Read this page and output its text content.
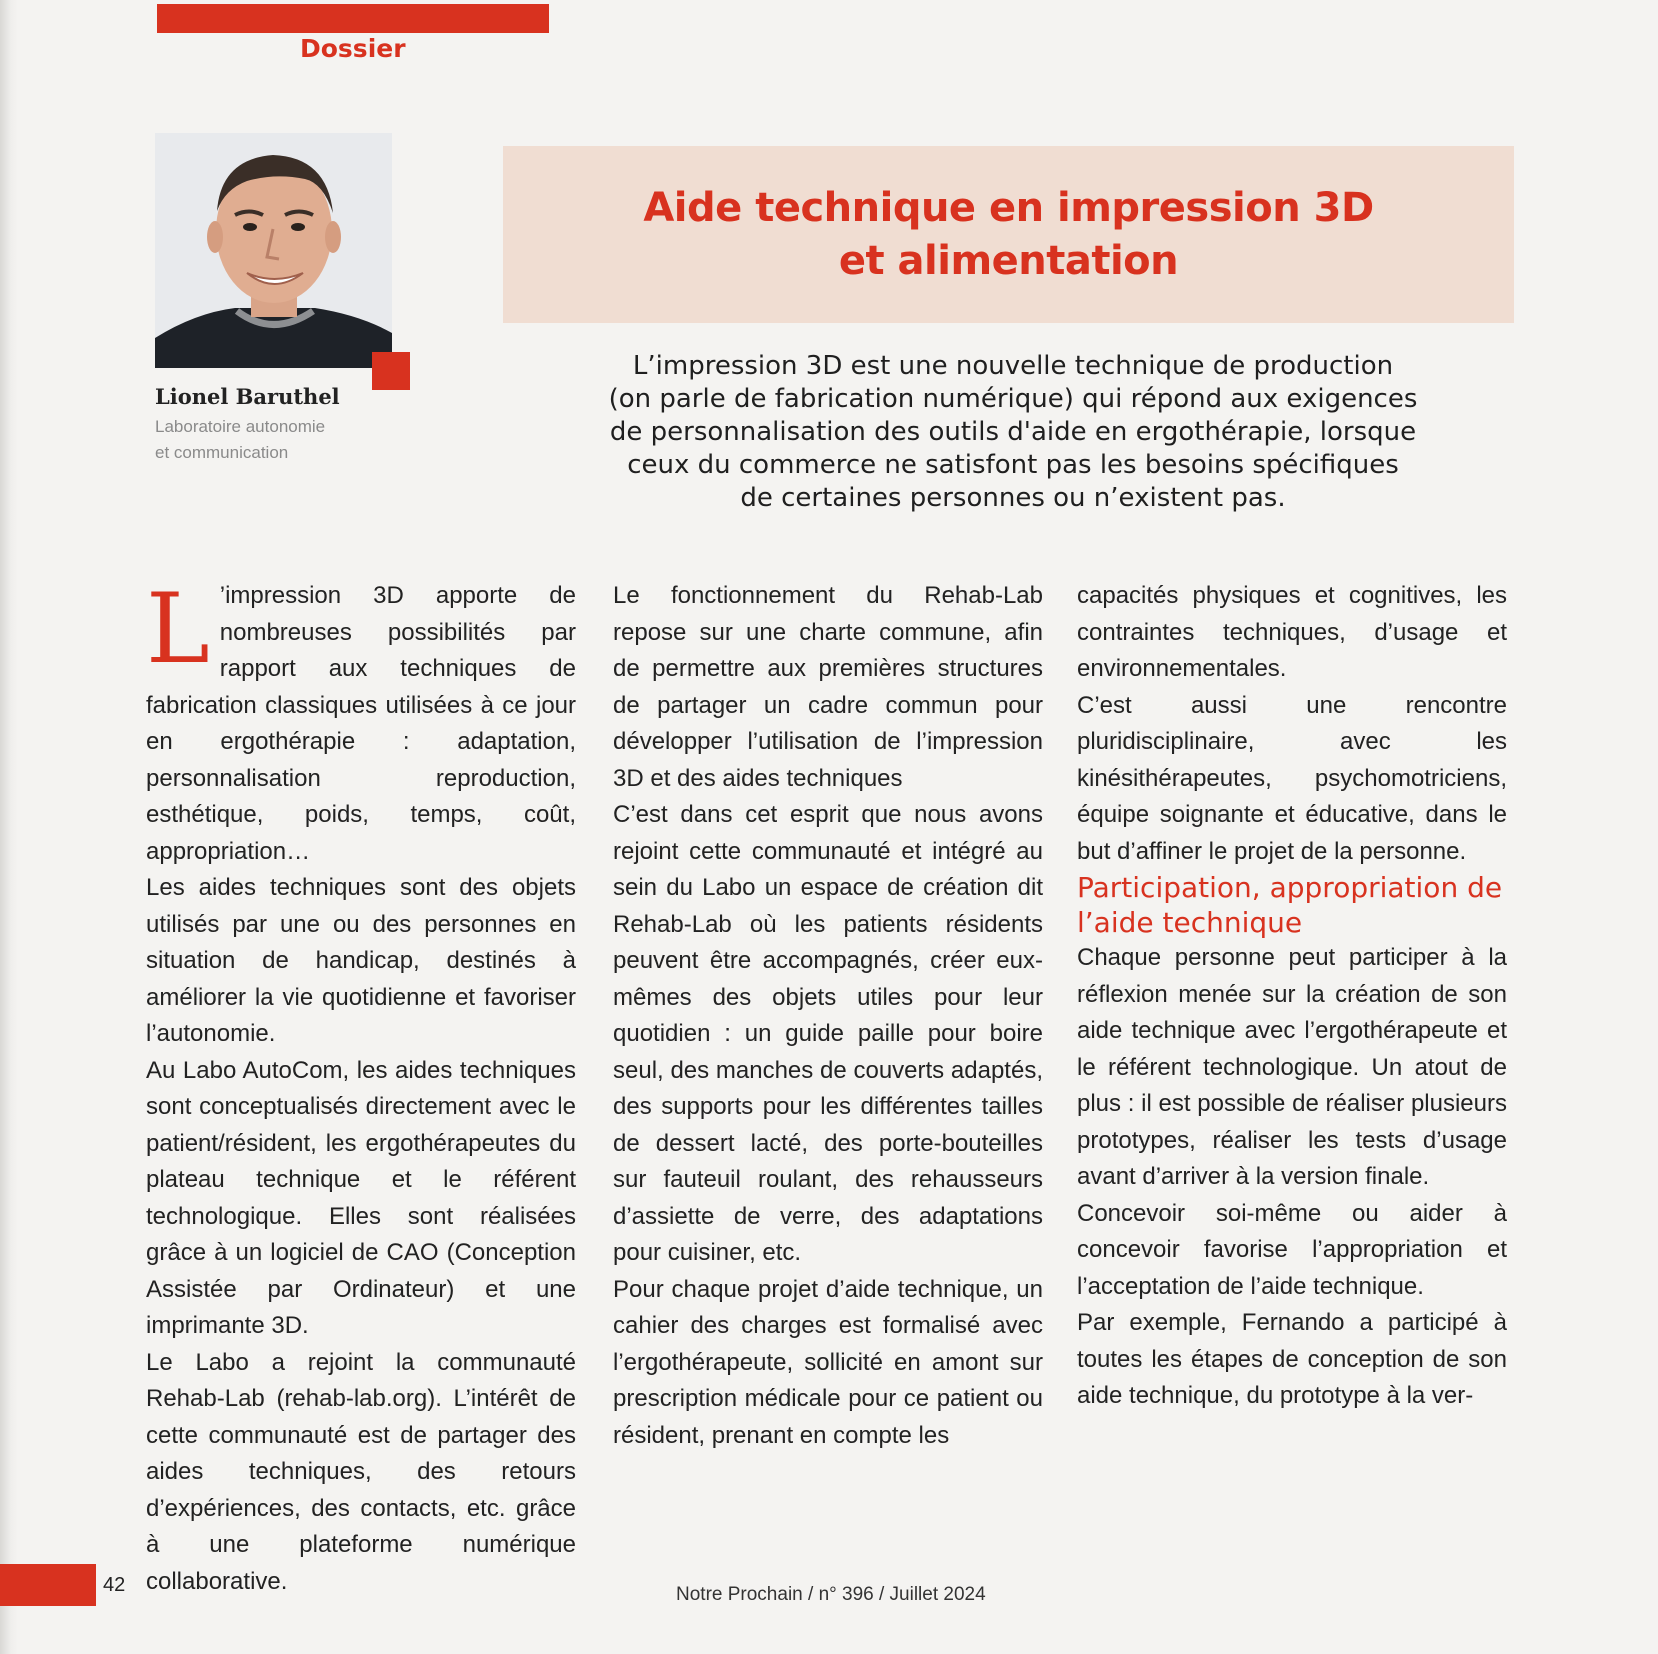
Dossier
Lionel Baruthel
Laboratoire autonomie
et communication
Aide technique en impression 3D
et alimentation
L’impression 3D est une nouvelle technique de production
(on parle de fabrication numérique) qui répond aux exigences
de personnalisation des outils d'aide en ergothérapie, lorsque
ceux du commerce ne satisfont pas les besoins spécifiques
de certaines personnes ou n’existent pas.

L ’impression 3D apporte de nombreuses possibilités par rapport aux techniques de fabrication classiques utilisées à ce jour en ergothérapie : adaptation, personnalisation reproduction, esthétique, poids, temps, coût, appropriation…

Les aides techniques sont des objets utilisés par une ou des personnes en situation de handicap, destinés à améliorer la vie quotidienne et favoriser l’autonomie.

Au Labo AutoCom, les aides techniques sont conceptualisés directement avec le patient/résident, les ergothérapeutes du plateau technique et le référent technologique. Elles sont réalisées grâce à un logiciel de CAO (Conception Assistée par Ordinateur) et une imprimante 3D.

Le Labo a rejoint la communauté Rehab-Lab (rehab-lab.org). L’intérêt de cette communauté est de partager des aides techniques, des retours d’expériences, des contacts, etc. grâce à une plateforme numérique collaborative.

Le fonctionnement du Rehab-Lab repose sur une charte commune, afin de permettre aux premières structures de partager un cadre commun pour développer l’utilisation de l’impression 3D et des aides techniques

C’est dans cet esprit que nous avons rejoint cette communauté et intégré au sein du Labo un espace de création dit Rehab-Lab où les patients résidents peuvent être accompagnés, créer eux-mêmes des objets utiles pour leur quotidien : un guide paille pour boire seul, des manches de couverts adaptés, des supports pour les différentes tailles de dessert lacté, des porte-bouteilles sur fauteuil roulant, des rehausseurs d’assiette de verre, des adaptations pour cuisiner, etc.

Pour chaque projet d’aide technique, un cahier des charges est formalisé avec l’ergothérapeute, sollicité en amont sur prescription médicale pour ce patient ou résident, prenant en compte les

capacités physiques et cognitives, les contraintes techniques, d’usage et environnementales.

C’est aussi une rencontre pluridisciplinaire, avec les kinésithérapeutes, psychomotriciens, équipe soignante et éducative, dans le but d’affiner le projet de la personne.

Participation, appropriation de l’aide technique

Chaque personne peut participer à la réflexion menée sur la création de son aide technique avec l’ergothérapeute et le référent technologique. Un atout de plus : il est possible de réaliser plusieurs prototypes, réaliser les tests d’usage avant d’arriver à la version finale.

Concevoir soi-même ou aider à concevoir favorise l’appropriation et l’acceptation de l’aide technique.

Par exemple, Fernando a participé à toutes les étapes de conception de son aide technique, du prototype à la ver-

42	Notre Prochain / n° 396 / Juillet 2024
